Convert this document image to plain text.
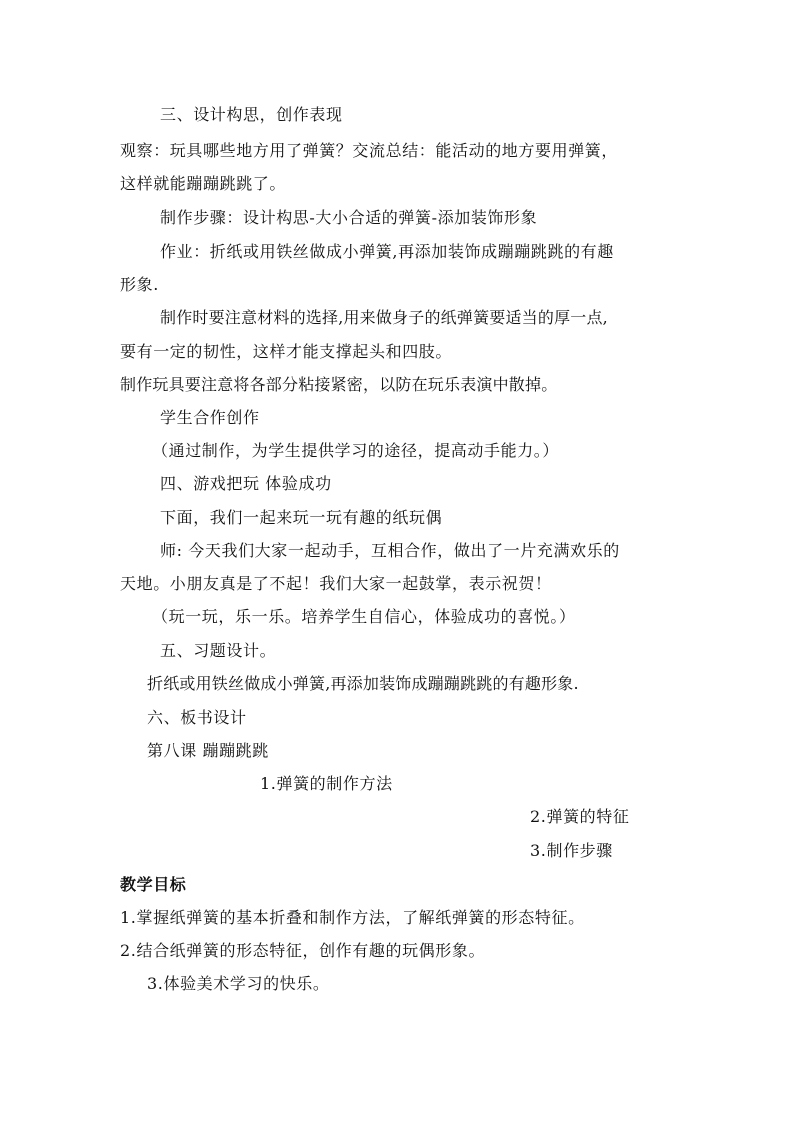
三、设计构思，创作表现
观察：玩具哪些地方用了弹簧？交流总结：能活动的地方要用弹簧，
这样就能蹦蹦跳跳了。
制作步骤：设计构思-大小合适的弹簧-添加装饰形象
作业：折纸或用铁丝做成小弹簧,再添加装饰成蹦蹦跳跳的有趣
形象.
制作时要注意材料的选择,用来做身子的纸弹簧要适当的厚一点,
要有一定的韧性，这样才能支撑起头和四肢。
制作玩具要注意将各部分粘接紧密，以防在玩乐表演中散掉。
学生合作创作
（通过制作，为学生提供学习的途径，提高动手能力。）
四、游戏把玩 体验成功
下面，我们一起来玩一玩有趣的纸玩偶
师: 今天我们大家一起动手，互相合作，做出了一片充满欢乐的
天地。小朋友真是了不起！我们大家一起鼓掌，表示祝贺！
（玩一玩，乐一乐。培养学生自信心，体验成功的喜悦。）
五、习题设计。
折纸或用铁丝做成小弹簧,再添加装饰成蹦蹦跳跳的有趣形象.
六、板书设计
第八课 蹦蹦跳跳
1.弹簧的制作方法
2.弹簧的特征
3.制作步骤
教学目标
1.掌握纸弹簧的基本折叠和制作方法，了解纸弹簧的形态特征。
2.结合纸弹簧的形态特征，创作有趣的玩偶形象。
3.体验美术学习的快乐。
